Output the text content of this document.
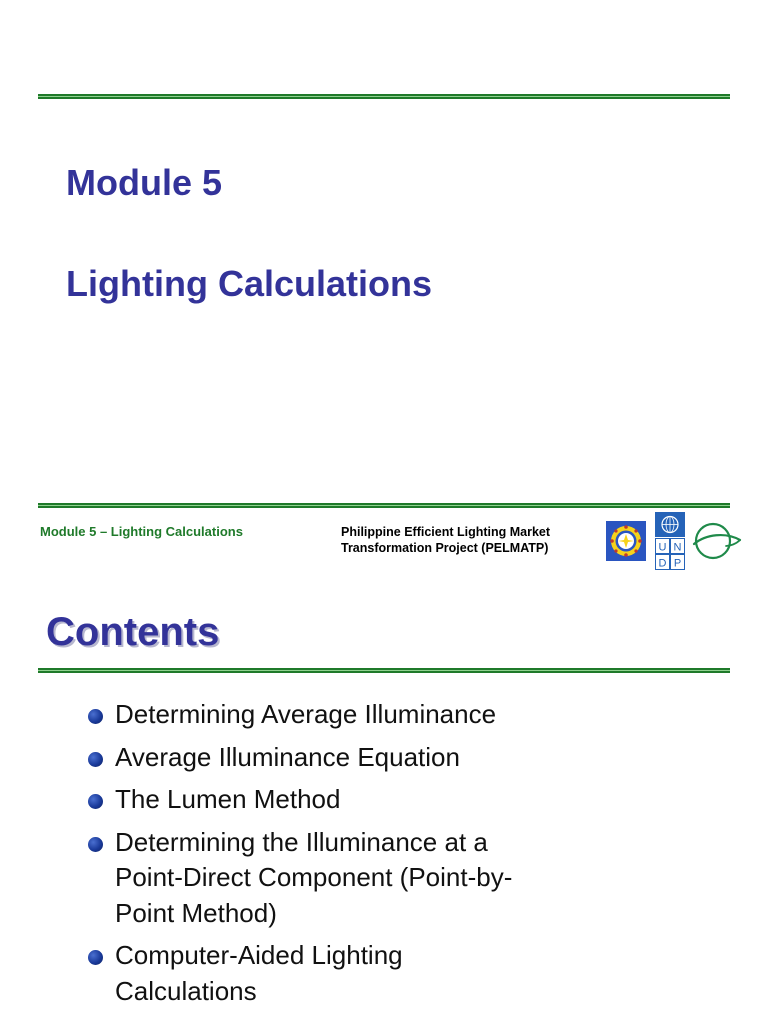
Module 5
Lighting Calculations
Module 5 – Lighting Calculations	Philippine Efficient Lighting Market
Transformation Project (PELMATP)	U N
D P
Contents
Determining Average Illuminance
Average Illuminance Equation
The Lumen Method
Determining the Illuminance at a
Point-Direct Component (Point-by-
Point Method)
Computer-Aided Lighting
Calculations
